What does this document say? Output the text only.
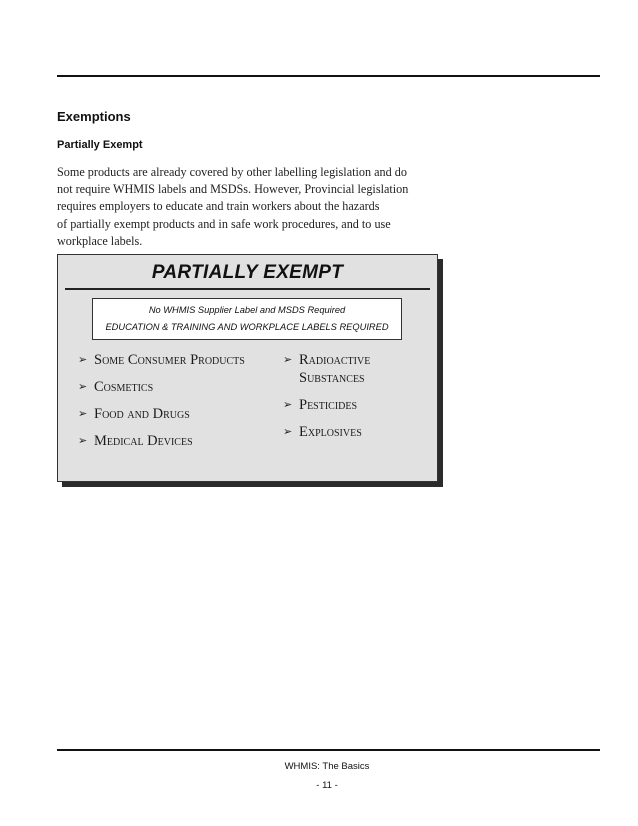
Exemptions
Partially Exempt

Some products are already covered by other labelling legislation and do
not require WHMIS labels and MSDSs. However, Provincial legislation
requires employers to educate and train workers about the hazards
of partially exempt products and in safe work procedures, and to use
workplace labels.

PARTIALLY EXEMPT
No WHMIS Supplier Label and MSDS Required
EDUCATION & TRAINING AND WORKPLACE LABELS REQUIRED
➢ Some Consumer Products
➢ Cosmetics
➢ Food and Drugs
➢ Medical Devices
➢ Radioactive Substances
➢ Pesticides
➢ Explosives
WHMIS: The Basics
- 11 -
